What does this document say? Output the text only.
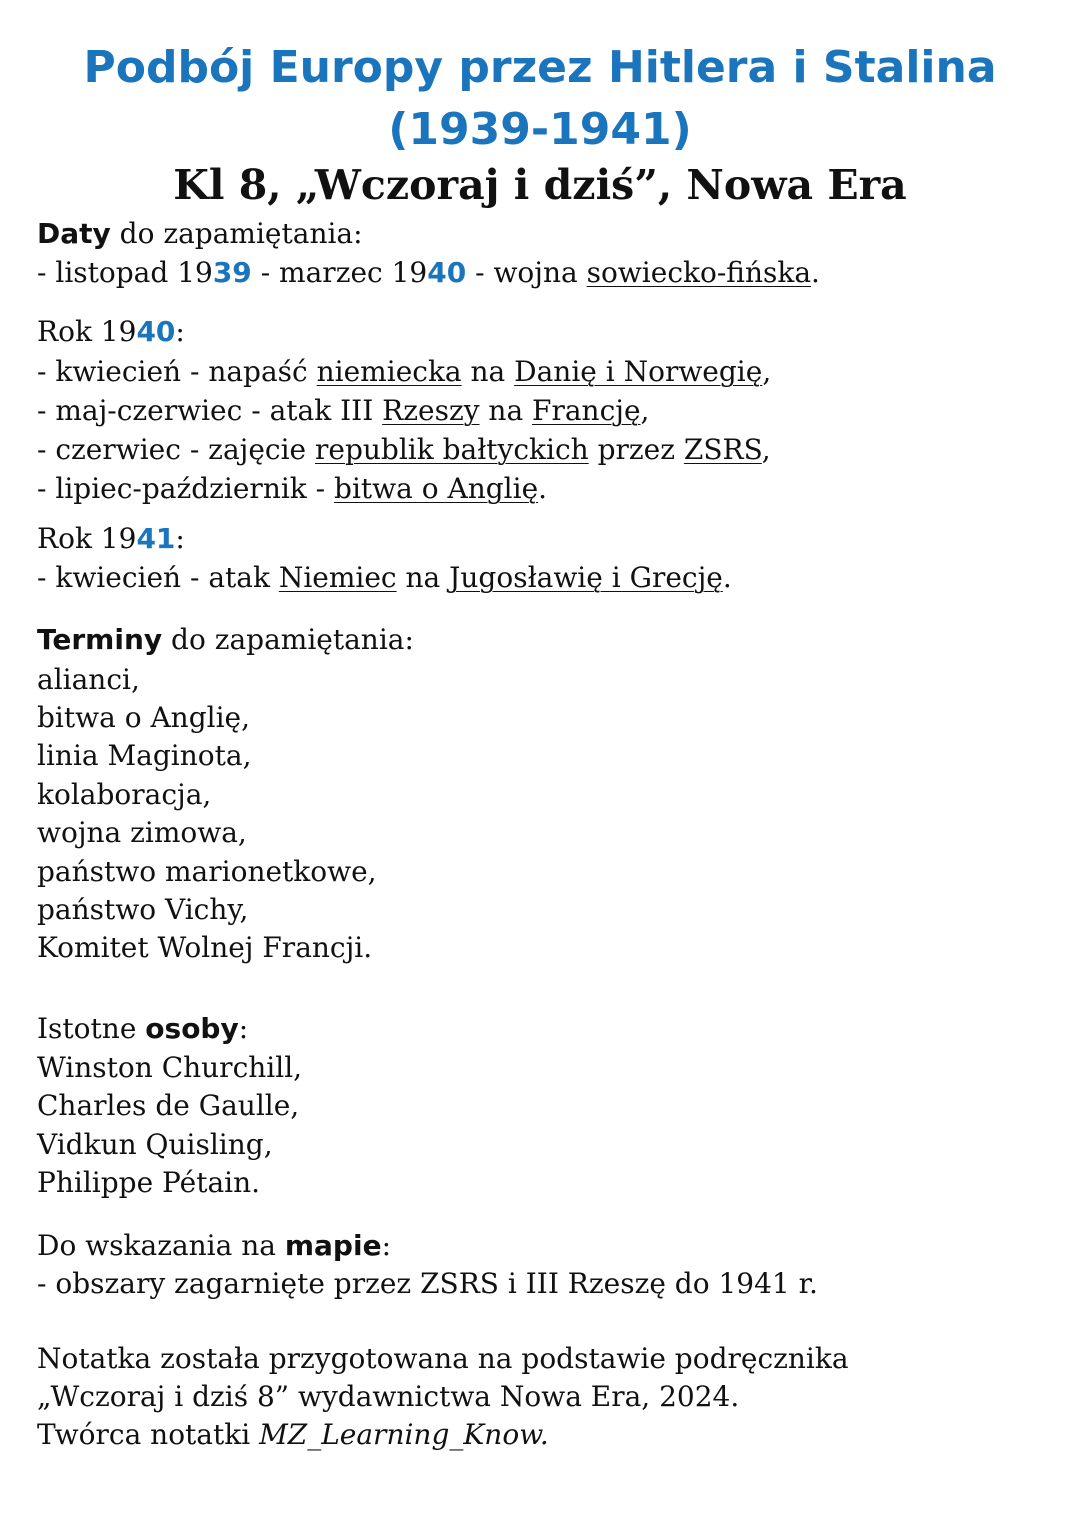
Podbój Europy przez Hitlera i Stalina
(1939-1941)
Kl 8, „Wczoraj i dziś”, Nowa Era
Daty do zapamiętania:
- listopad 1939 - marzec 1940 - wojna sowiecko-fińska.
Rok 1940:
- kwiecień - napaść niemiecka na Danię i Norwegię,
- maj-czerwiec - atak III Rzeszy na Francję,
- czerwiec - zajęcie republik bałtyckich przez ZSRS,
- lipiec-październik - bitwa o Anglię.
Rok 1941:
- kwiecień - atak Niemiec na Jugosławię i Grecję.
Terminy do zapamiętania:
alianci,
bitwa o Anglię,
linia Maginota,
kolaboracja,
wojna zimowa,
państwo marionetkowe,
państwo Vichy,
Komitet Wolnej Francji.
Istotne osoby:
Winston Churchill,
Charles de Gaulle,
Vidkun Quisling,
Philippe Pétain.
Do wskazania na mapie:
- obszary zagarnięte przez ZSRS i III Rzeszę do 1941 r.
Notatka została przygotowana na podstawie podręcznika
„Wczoraj i dziś 8” wydawnictwa Nowa Era, 2024.
Twórca notatki MZ_Learning_Know.
